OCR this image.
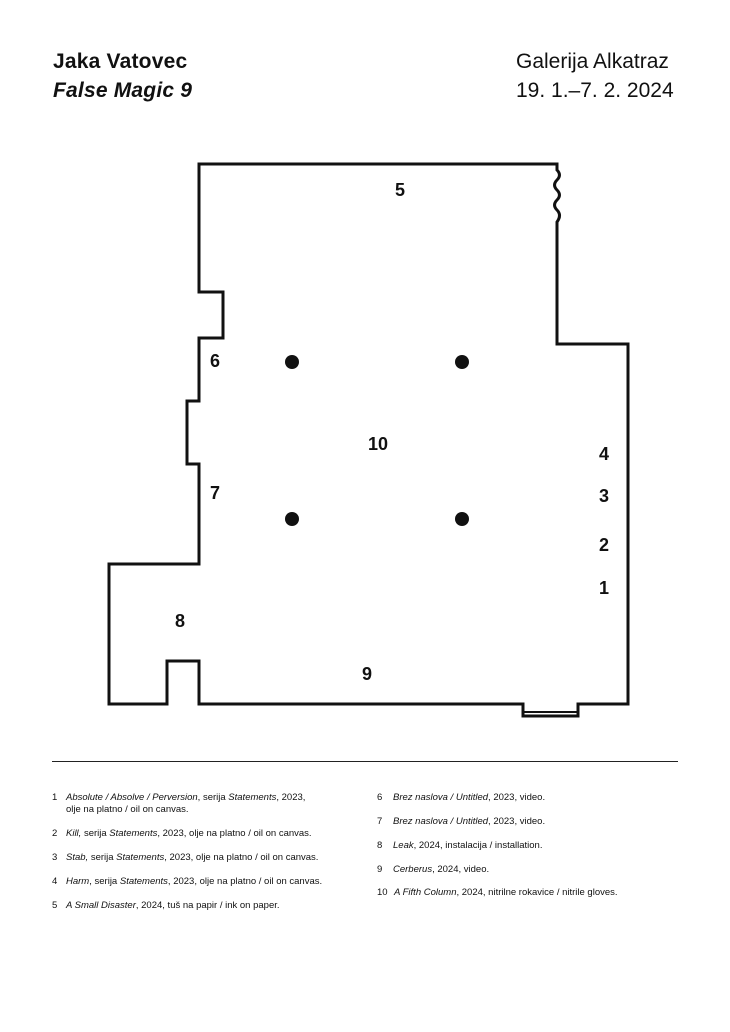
Jaka Vatovec
False Magic 9
Galerija Alkatraz
19. 1.–7. 2. 2024
5
6
10	4
3
7
2
1
8
9
1 Absolute / Absolve / Perversion, serija Statements, 2023,
olje na platno / oil on canvas.
2 Kill, serija Statements, 2023, olje na platno / oil on canvas.
3 Stab, serija Statements, 2023, olje na platno / oil on canvas.
4 Harm, serija Statements, 2023, olje na platno / oil on canvas.
5 A Small Disaster, 2024, tuš na papir / ink on paper.
6 Brez naslova / Untitled, 2023, video.
7 Brez naslova / Untitled, 2023, video.
8 Leak, 2024, instalacija / installation.
9 Cerberus, 2024, video.
10 A Fifth Column, 2024, nitrilne rokavice / nitrile gloves.
